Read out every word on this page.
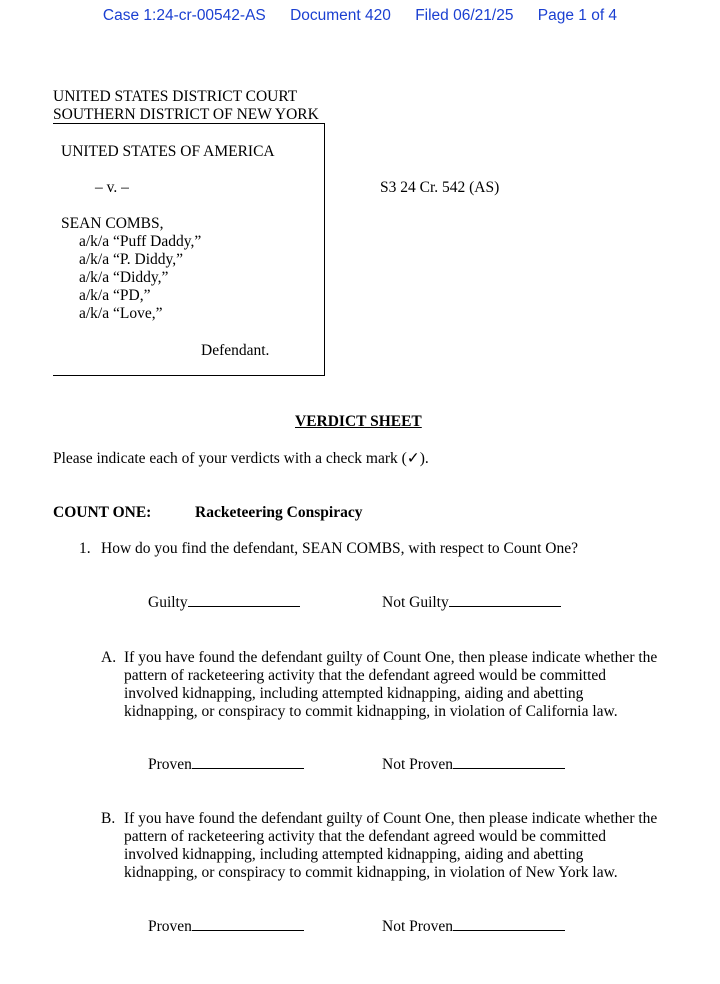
Case 1:24-cr-00542-AS Document 420 Filed 06/21/25 Page 1 of 4
UNITED STATES DISTRICT COURT
SOUTHERN DISTRICT OF NEW YORK
UNITED STATES OF AMERICA
– v. –
SEAN COMBS,
a/k/a “Puff Daddy,”
a/k/a “P. Diddy,”
a/k/a “Diddy,”
a/k/a “PD,”
a/k/a “Love,”
Defendant.
S3 24 Cr. 542 (AS)
VERDICT SHEET
Please indicate each of your verdicts with a check mark (✓).
COUNT ONE:	Racketeering Conspiracy
1. How do you find the defendant, SEAN COMBS, with respect to Count One?
Guilty	Not Guilty
A. If you have found the defendant guilty of Count One, then please indicate whether the
pattern of racketeering activity that the defendant agreed would be committed
involved kidnapping, including attempted kidnapping, aiding and abetting
kidnapping, or conspiracy to commit kidnapping, in violation of California law.
Proven	Not Proven
B. If you have found the defendant guilty of Count One, then please indicate whether the
pattern of racketeering activity that the defendant agreed would be committed
involved kidnapping, including attempted kidnapping, aiding and abetting
kidnapping, or conspiracy to commit kidnapping, in violation of New York law.
Proven	Not Proven
